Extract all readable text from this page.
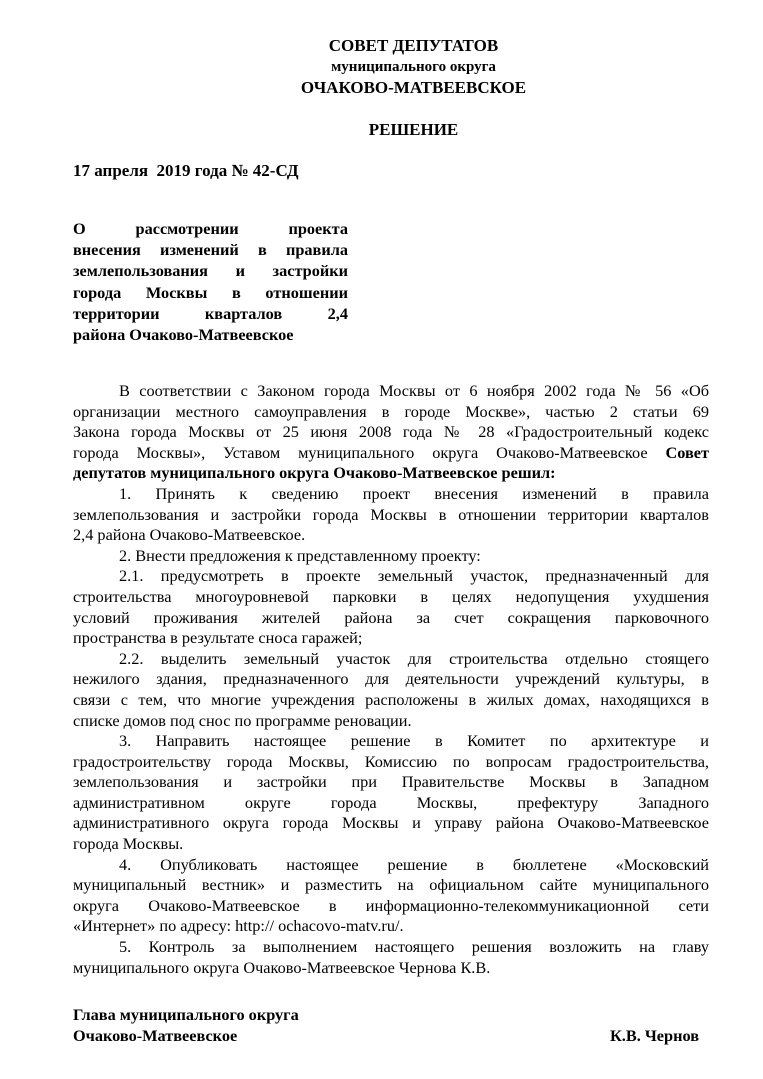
СОВЕТ ДЕПУТАТОВ
муниципального округа
ОЧАКОВО-МАТВЕЕВСКОЕ
РЕШЕНИЕ
17 апреля  2019 года № 42-СД
О рассмотрении проекта
внесения изменений в правила
землепользования и застройки
города Москвы в отношении
территории кварталов 2,4
района Очаково-Матвеевское
В соответствии с Законом города Москвы от 6 ноября 2002 года № 56 «Об
организации местного самоуправления в городе Москве», частью 2 статьи 69
Закона города Москвы от 25 июня 2008 года № 28 «Градостроительный кодекс
города Москвы», Уставом муниципального округа Очаково-Матвеевское Совет
депутатов муниципального округа Очаково-Матвеевское решил:
1. Принять к сведению проект внесения изменений в правила
землепользования и застройки города Москвы в отношении территории кварталов
2,4 района Очаково-Матвеевское.
2. Внести предложения к представленному проекту:
2.1. предусмотреть в проекте земельный участок, предназначенный для
строительства многоуровневой парковки в целях недопущения ухудшения
условий проживания жителей района за счет сокращения парковочного
пространства в результате сноса гаражей;
2.2. выделить земельный участок для строительства отдельно стоящего
нежилого здания, предназначенного для деятельности учреждений культуры, в
связи с тем, что многие учреждения расположены в жилых домах, находящихся в
списке домов под снос по программе реновации.
3. Направить настоящее решение в Комитет по архитектуре и
градостроительству города Москвы, Комиссию по вопросам градостроительства,
землепользования и застройки при Правительстве Москвы в Западном
административном округе города Москвы, префектуру Западного
административного округа города Москвы и управу района Очаково-Матвеевское
города Москвы.
4. Опубликовать настоящее решение в бюллетене «Московский
муниципальный вестник» и разместить на официальном сайте муниципального
округа Очаково-Матвеевское в информационно-телекоммуникационной сети
«Интернет» по адресу: http:// ochacovo-matv.ru/.
5. Контроль за выполнением настоящего решения возложить на главу
муниципального округа Очаково-Матвеевское Чернова К.В.
Глава муниципального округа
Очаково-Матвеевское	К.В. Чернов
